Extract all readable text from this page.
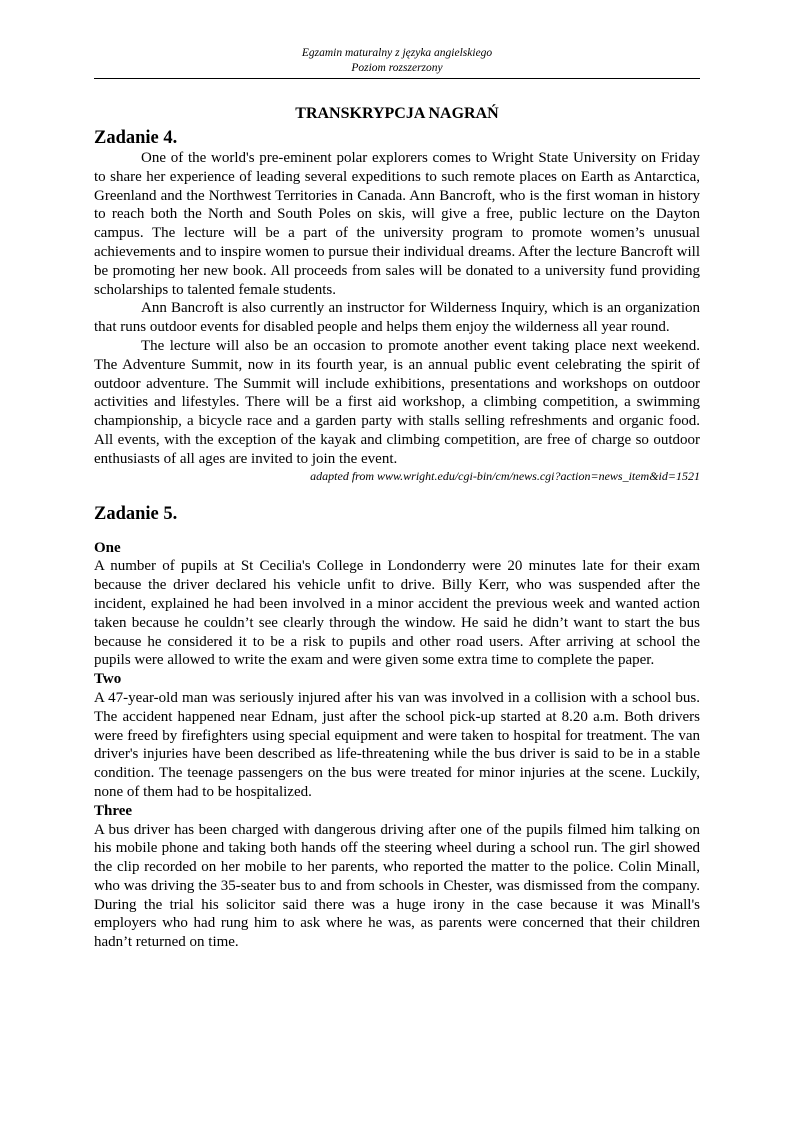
Egzamin maturalny z języka angielskiego
Poziom rozszerzony
TRANSKRYPCJA NAGRAŃ
Zadanie 4.

One of the world's pre-eminent polar explorers comes to Wright State University on Friday to share her experience of leading several expeditions to such remote places on Earth as Antarctica, Greenland and the Northwest Territories in Canada. Ann Bancroft, who is the first woman in history to reach both the North and South Poles on skis, will give a free, public lecture on the Dayton campus. The lecture will be a part of the university program to promote women’s unusual achievements and to inspire women to pursue their individual dreams. After the lecture Bancroft will be promoting her new book. All proceeds from sales will be donated to a university fund providing scholarships to talented female students.

Ann Bancroft is also currently an instructor for Wilderness Inquiry, which is an organization that runs outdoor events for disabled people and helps them enjoy the wilderness all year round.

The lecture will also be an occasion to promote another event taking place next weekend. The Adventure Summit, now in its fourth year, is an annual public event celebrating the spirit of outdoor adventure. The Summit will include exhibitions, presentations and workshops on outdoor activities and lifestyles. There will be a first aid workshop, a climbing competition, a swimming championship, a bicycle race and a garden party with stalls selling refreshments and organic food. All events, with the exception of the kayak and climbing competition, are free of charge so outdoor enthusiasts of all ages are invited to join the event.

adapted from www.wright.edu/cgi-bin/cm/news.cgi?action=news_item&id=1521

Zadanie 5.
One

A number of pupils at St Cecilia's College in Londonderry were 20 minutes late for their exam because the driver declared his vehicle unfit to drive. Billy Kerr, who was suspended after the incident, explained he had been involved in a minor accident the previous week and wanted action taken because he couldn’t see clearly through the window. He said he didn’t want to start the bus because he considered it to be a risk to pupils and other road users. After arriving at school the pupils were allowed to write the exam and were given some extra time to complete the paper.

Two

A 47-year-old man was seriously injured after his van was involved in a collision with a school bus. The accident happened near Ednam, just after the school pick-up started at 8.20 a.m. Both drivers were freed by firefighters using special equipment and were taken to hospital for treatment. The van driver's injuries have been described as life-threatening while the bus driver is said to be in a stable condition. The teenage passengers on the bus were treated for minor injuries at the scene. Luckily, none of them had to be hospitalized.

Three

A bus driver has been charged with dangerous driving after one of the pupils filmed him talking on his mobile phone and taking both hands off the steering wheel during a school run. The girl showed the clip recorded on her mobile to her parents, who reported the matter to the police. Colin Minall, who was driving the 35-seater bus to and from schools in Chester, was dismissed from the company. During the trial his solicitor said there was a huge irony in the case because it was Minall's employers who had rung him to ask where he was, as parents were concerned that their children hadn’t returned on time.
